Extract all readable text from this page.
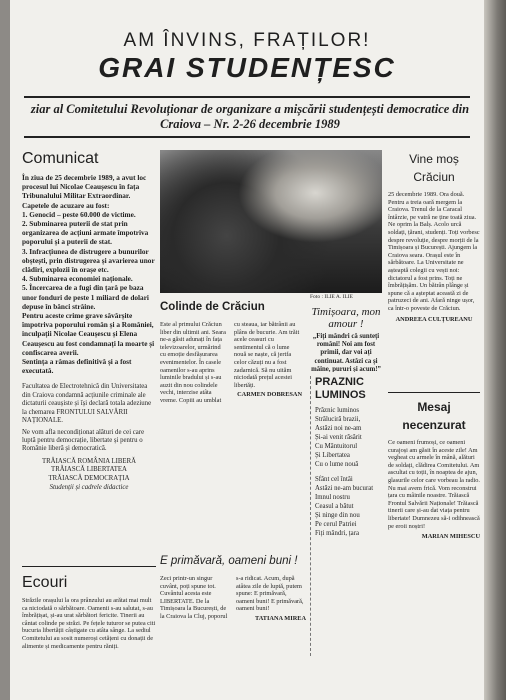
AM ÎNVINS, FRAȚILOR!
GRAI STUDENȚESC
ziar al Comitetului Revoluționar de organizare a mișcării studențești democratice din Craiova – Nr. 2-26 decembrie 1989
Comunicat
În ziua de 25 decembrie 1989, a avut loc procesul lui Nicolae Ceaușescu în fața Tribunalului Militar Extraordinar.
Capetele de acuzare au fost:
1. Genocid – peste 60.000 de victime.
2. Subminarea puterii de stat prin organizarea de acțiuni armate împotriva poporului și a puterii de stat.
3. Infracțiunea de distrugere a bunurilor obștești, prin distrugerea și avarierea unor clădiri, explozii în orașe etc.
4. Subminarea economiei naționale.
5. Încercarea de a fugi din țară pe baza unor fonduri de peste 1 miliard de dolari depuse în bănci străine.
Pentru aceste crime grave săvârșite împotriva poporului român și a României, inculpații Nicolae Ceaușescu și Elena Ceaușescu au fost condamnați la moarte și confiscarea averii.
Sentința a rămas definitivă și a fost executată.
Facultatea de Electrotehnică din Universitatea din Craiova condamnă acțiunile criminale ale dictaturii ceaușiste și își declară totala adeziune la chemarea FRONTULUI SALVĂRII NAȚIONALE.
Ne vom afla necondiționat alături de cei care luptă pentru democrație, libertate și pentru o Românie liberă și democratică.
TRĂIASCĂ ROMÂNIA LIBERĂ
TRĂIASCĂ LIBERTATEA
TRĂIASCĂ DEMOCRAȚIA
Studenții și cadrele didactice
Ecouri
Străzile orașului la ora prânzului au arătat mai mult ca niciodată o sărbătoare. Oamenii s-au salutat, s-au îmbrățișat, și-au urat sărbători fericite. Tinerii au cântat colinde pe străzi. Pe fețele tuturor se putea citi bucuria libertății câștigate cu atâta sânge. La sediul Comitetului au sosit numeroși cetățeni cu donații de alimente și medicamente pentru răniți.
Foto : ILIE A. ILIE
Colinde de Crăciun
Este al primului Crăciun liber din ultimii ani. Seara ne-a găsit adunați în fața televizoarelor, urmărind cu emoție desfășurarea evenimentelor. În casele oamenilor s-au aprins luminile bradului și s-au auzit din nou colindele vechi, interzise atâta vreme. Copiii au umblat cu steaua, iar bătrânii au plâns de bucurie. Am trăit acele ceasuri cu sentimentul că o lume nouă se naște, că jertfa celor căzuți nu a fost zadarnică. Să nu uităm niciodată prețul acestei libertăți.
CARMEN DOBRESAN
Timișoara, mon amour !
„Fiți mândri că sunteți români! Noi am fost primii, dar voi ați continuat. Astăzi ca și mâine, pururi și acum!”
E primăvară, oameni buni !
Zeci printr-un singur cuvânt, poți spune tot. Cuvântul acesta este LIBERTATE. De la Timișoara la București, de la Craiova la Cluj, poporul s-a ridicat. Acum, după atâtea zile de luptă, putem spune: E primăvară, oameni buni! E primăvară, oameni buni!
TATIANA MIREA
PRAZNIC LUMINOS
Prăznic luminos
Străluciră brazii,
Astăzi noi ne-am
Și-ai venit răsărit
Cu Mântuitorul
Și Libertatea
Cu o lume nouă
Sfânt cel întâi
Astăzi ne-am bucurat
Imnul nostru
Ceasul a bătut
Și ninge din nou
Pe cerul Patriei
Fiți mândri, țara
Vine moș Crăciun
25 decembrie 1989. Ora două. Pentru a treia oară mergem la Craiova. Trenul de la Caracal întârzie, pe vatră ne ține toată ziua. Ne oprim la Balș. Acolo urcă soldați, țărani, studenți. Toți vorbesc despre revoluție, despre morții de la Timișoara și București. Ajungem la Craiova seara. Orașul este în sărbătoare. La Universitate ne așteaptă colegii cu vești noi: dictatorul a fost prins. Toți ne îmbrățișăm. Un bătrân plânge și spune că a așteptat această zi de patruzeci de ani. Afară ninge ușor, ca într-o poveste de Crăciun.
ANDREEA CULȚUREANU
Mesaj necenzurat
Ce oameni frumoși, ce oameni curajoși am găsit în aceste zile! Am vegheat cu armele în mână, alături de soldați, clădirea Comitetului. Am ascultat cu toții, în noaptea de ajun, glasurile celor care vorbeau la radio. Nu mai avem frică. Vom reconstrui țara cu mâinile noastre. Trăiască Frontul Salvării Naționale! Trăiască tinerii care și-au dat viața pentru libertate! Dumnezeu să-i odihnească pe eroii noștri!
MARIAN MIHESCU
